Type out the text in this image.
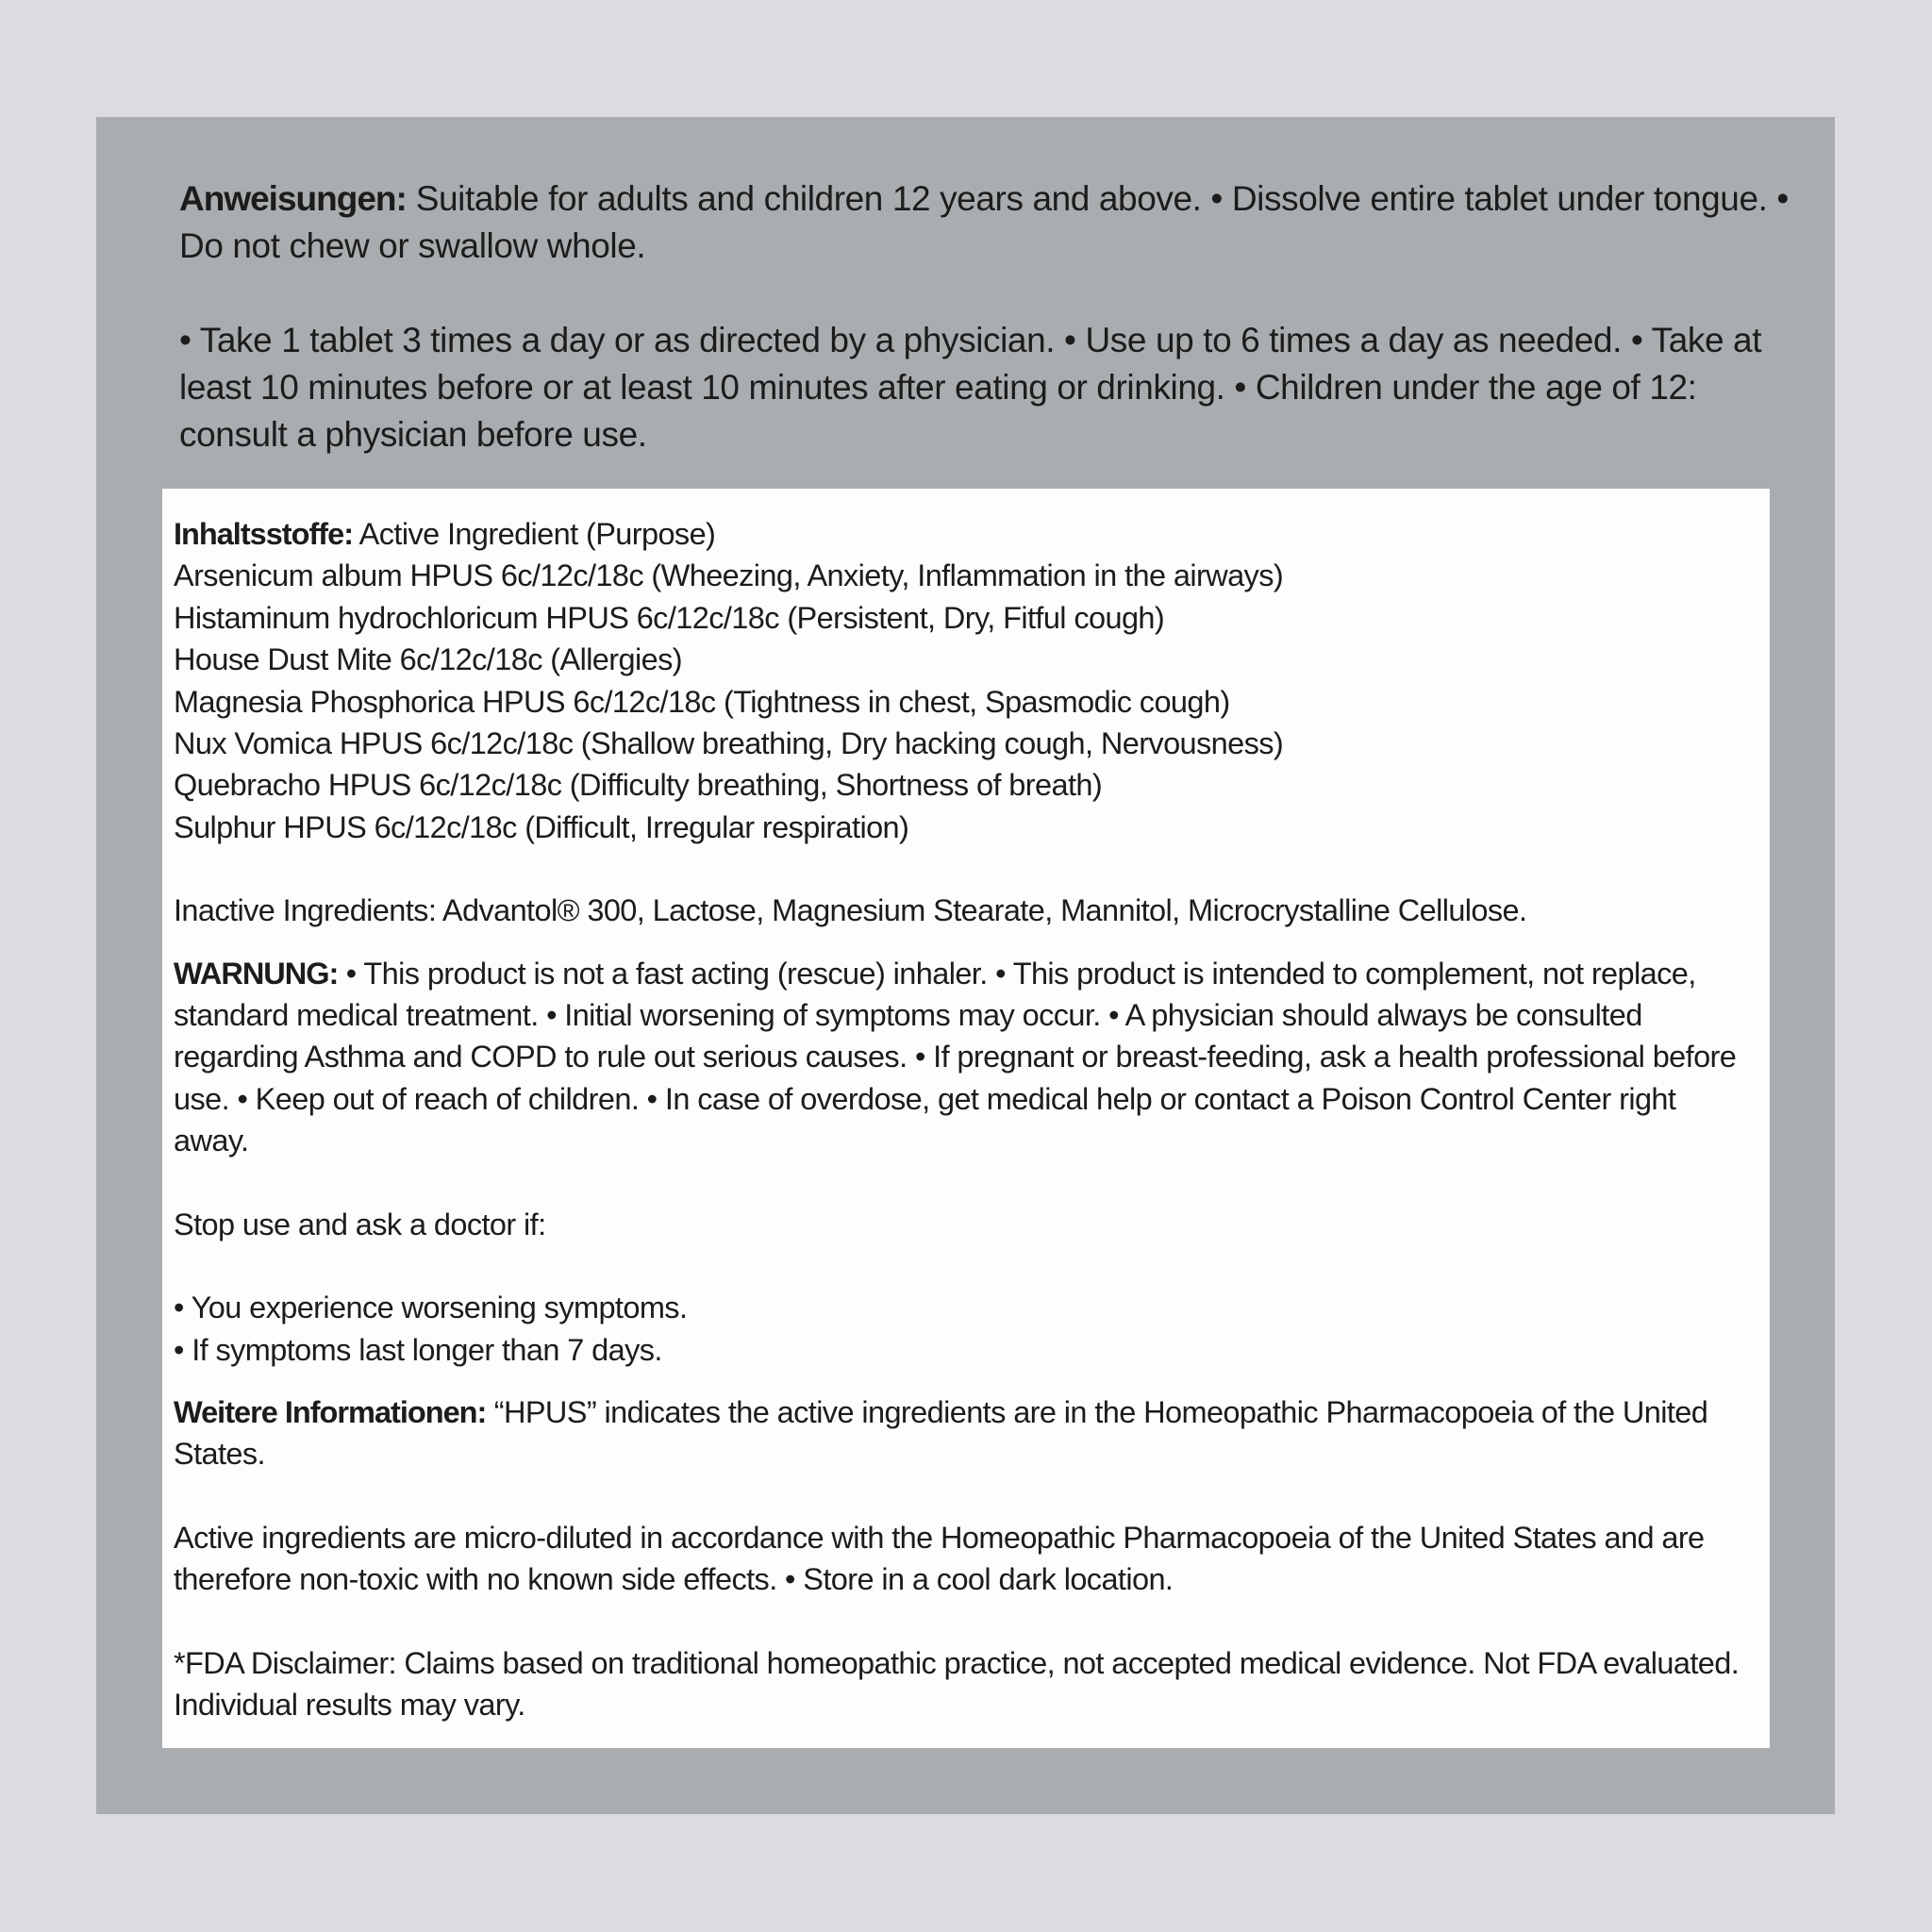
Anweisungen: Suitable for adults and children 12 years and above. • Dissolve entire tablet under tongue. • Do not chew or swallow whole.

• Take 1 tablet 3 times a day or as directed by a physician. • Use up to 6 times a day as needed. • Take at least 10 minutes before or at least 10 minutes after eating or drinking. • Children under the age of 12: consult a physician before use.

Inhaltsstoffe: Active Ingredient (Purpose)
Arsenicum album HPUS 6c/12c/18c (Wheezing, Anxiety, Inflammation in the airways)
Histaminum hydrochloricum HPUS 6c/12c/18c (Persistent, Dry, Fitful cough)
House Dust Mite 6c/12c/18c (Allergies)
Magnesia Phosphorica HPUS 6c/12c/18c (Tightness in chest, Spasmodic cough)
Nux Vomica HPUS 6c/12c/18c (Shallow breathing, Dry hacking cough, Nervousness)
Quebracho HPUS 6c/12c/18c (Difficulty breathing, Shortness of breath)
Sulphur HPUS 6c/12c/18c (Difficult, Irregular respiration)

Inactive Ingredients: Advantol® 300, Lactose, Magnesium Stearate, Mannitol, Microcrystalline Cellulose.

WARNUNG: • This product is not a fast acting (rescue) inhaler. • This product is intended to complement, not replace, standard medical treatment. • Initial worsening of symptoms may occur. • A physician should always be consulted regarding Asthma and COPD to rule out serious causes. • If pregnant or breast-feeding, ask a health professional before use. • Keep out of reach of children. • In case of overdose, get medical help or contact a Poison Control Center right away.

Stop use and ask a doctor if:

• You experience worsening symptoms.
• If symptoms last longer than 7 days.

Weitere Informationen: “HPUS” indicates the active ingredients are in the Homeopathic Pharmacopoeia of the United States.

Active ingredients are micro-diluted in accordance with the Homeopathic Pharmacopoeia of the United States and are therefore non-toxic with no known side effects. • Store in a cool dark location.

*FDA Disclaimer: Claims based on traditional homeopathic practice, not accepted medical evidence. Not FDA evaluated. Individual results may vary.
